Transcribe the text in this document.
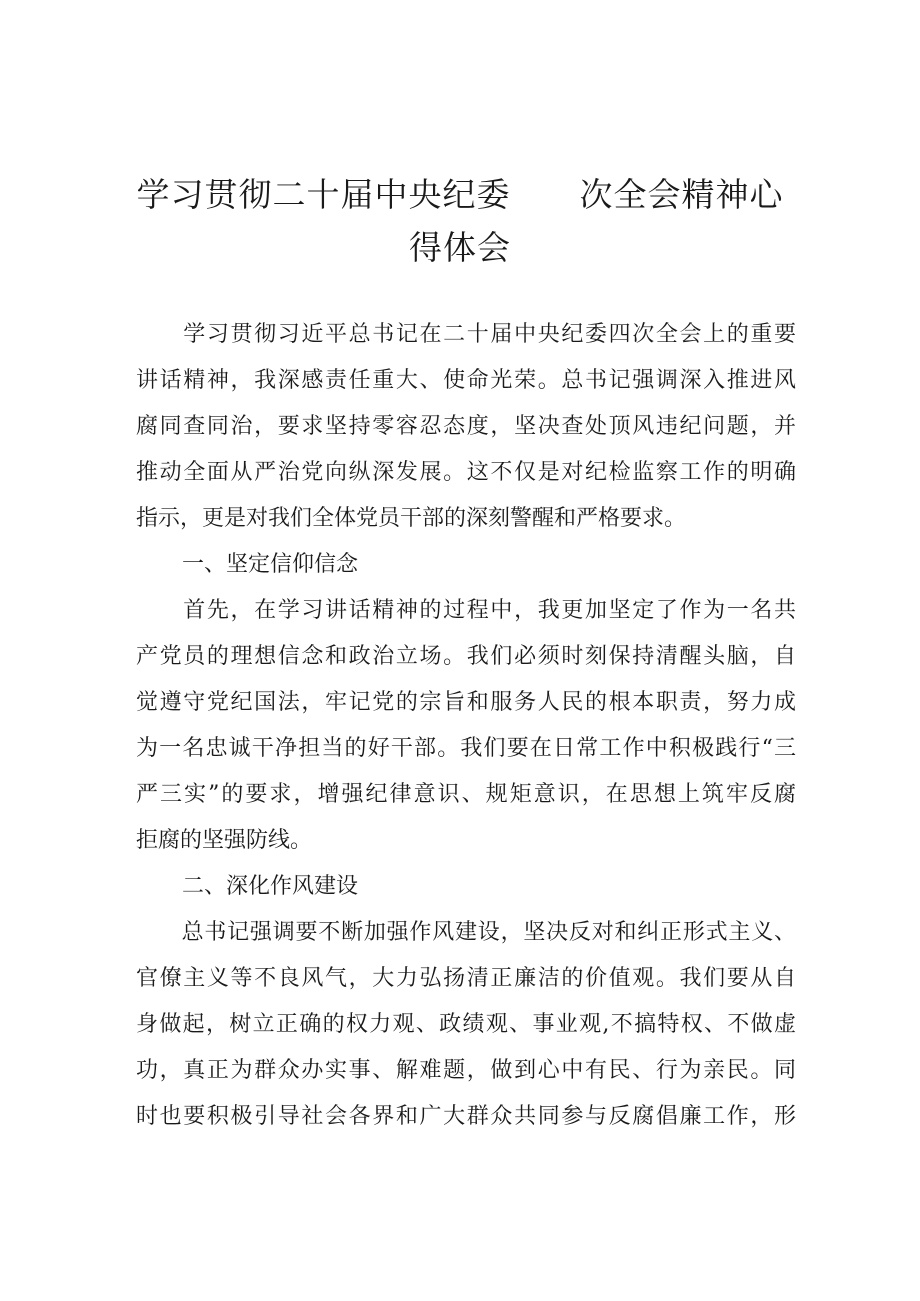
学习贯彻二十届中央纪委      次全会精神心
得体会

　　学习贯彻习近平总书记在二十届中央纪委四次全会上的重要

讲话精神，我深感责任重大、使命光荣。总书记强调深入推进风

腐同查同治，要求坚持零容忍态度，坚决查处顶风违纪问题，并

推动全面从严治党向纵深发展。这不仅是对纪检监察工作的明确

指示，更是对我们全体党员干部的深刻警醒和严格要求。

一、坚定信仰信念

　　首先，在学习讲话精神的过程中，我更加坚定了作为一名共

产党员的理想信念和政治立场。我们必须时刻保持清醒头脑，自

觉遵守党纪国法，牢记党的宗旨和服务人民的根本职责，努力成

为一名忠诚干净担当的好干部。我们要在日常工作中积极践行“三

严三实”的要求，增强纪律意识、规矩意识，在思想上筑牢反腐

拒腐的坚强防线。

二、深化作风建设

　　总书记强调要不断加强作风建设，坚决反对和纠正形式主义、

官僚主义等不良风气，大力弘扬清正廉洁的价值观。我们要从自

身做起，树立正确的权力观、政绩观、事业观,不搞特权、不做虚

功，真正为群众办实事、解难题，做到心中有民、行为亲民。同

时也要积极引导社会各界和广大群众共同参与反腐倡廉工作，形
